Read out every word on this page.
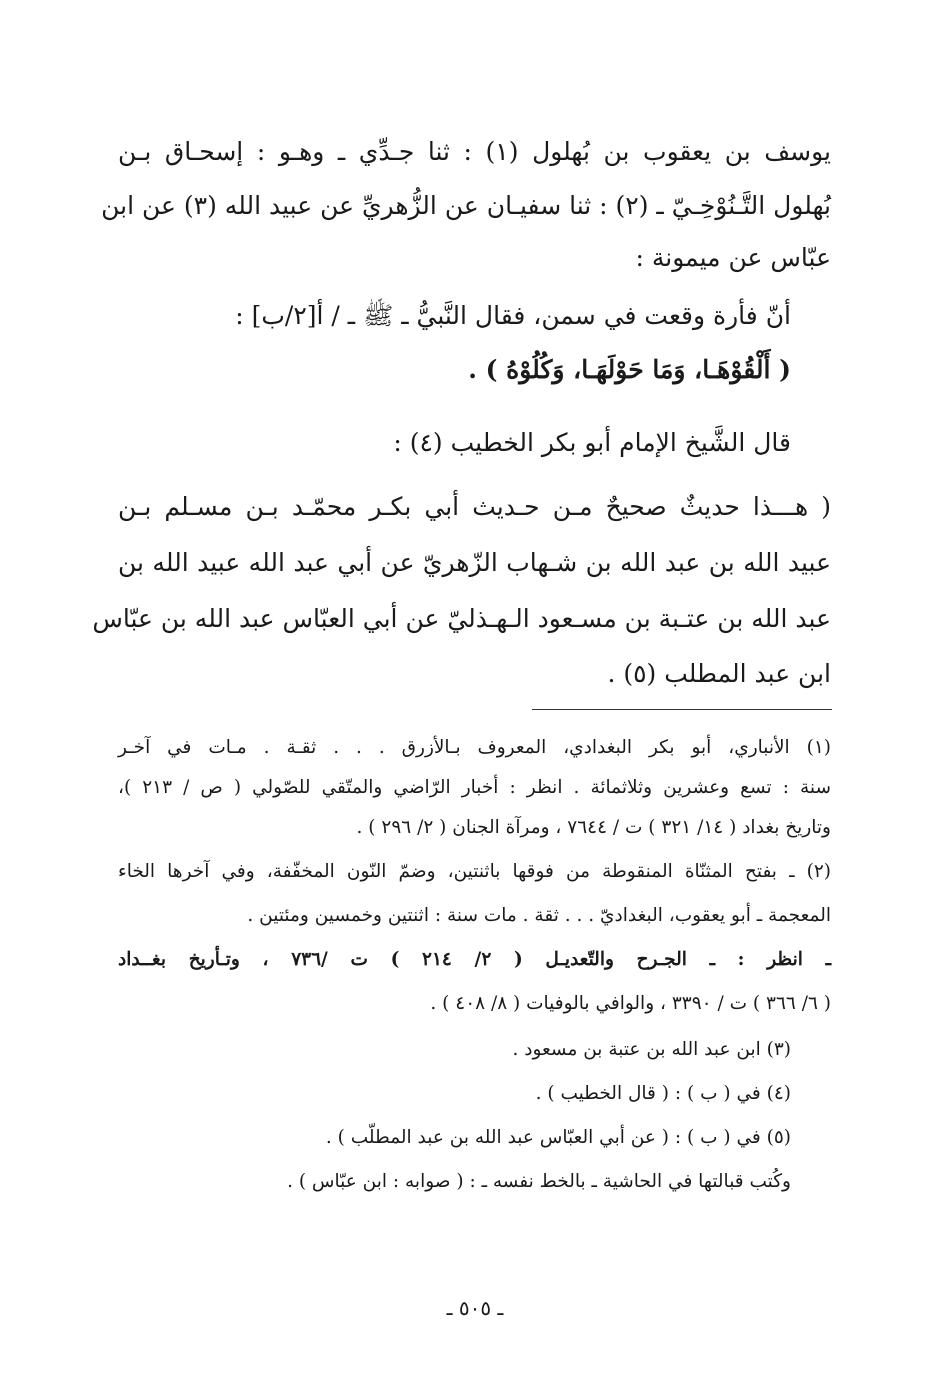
يوسف بن يعقوب بن بُهلول (١) : ثنا جـدِّي ـ وهـو : إسحـاق بـن
بُهلول التَّـنُوْخِـيّ ـ (٢) : ثنا سفيـان عن الزُّهريِّ عن عبيد الله (٣) عن ابن
عبّاس عن ميمونة :
أنّ فأرة وقعت في سمن، فقال النَّبيُّ ـ ﷺ ـ / أ[٢/ب] :
( أَلْقُوْهَـا، وَمَا حَوْلَهَـا، وَكُلُوْهُ ) .
قال الشَّيخ الإمام أبو بكر الخطيب (٤) :
( هـــذا حديثٌ صحيحٌ مـن حـديث أبي بكـر محمّـد بـن مسـلم بـن
عبيد الله بن عبد الله بن شـهاب الزّهريّ عن أبي عبد الله عبيد الله بن
عبد الله بن عتـبة بن مسـعود الـهـذليّ عن أبي العبّاس عبد الله بن عبّاس
ابن عبد المطلب (٥) .
(١) الأنباري، أبو بكر البغدادي، المعروف بـالأزرق . . . ثقـة . مـات في آخـر
سنة : تسع وعشرين وثلاثمائة . انظر : أخبار الرّاضي والمتّقي للصّولي ( ص / ٢١٣ )،
وتاريخ بغداد ( ١٤/ ٣٢١ ) ت / ٧٦٤٤ ، ومرآة الجنان ( ٢/ ٢٩٦ ) .
(٢) ـ بفتح المثنّاة المنقوطة من فوقها باثنتين، وضمّ النّون المخفّفة، وفي آخرها الخاء
المعجمة ـ أبو يعقوب، البغداديّ . . . ثقة . مات سنة : اثنتين وخمسين ومئتين .
ـ انظر : ـ الجـرح والتّعديـل ( ٢/ ٢١٤ ) ت /٧٣٦ ، وتـأريخ بغــداد
( ٦/ ٣٦٦ ) ت / ٣٣٩٠ ، والوافي بالوفيات ( ٨/ ٤٠٨ ) .
(٣) ابن عبد الله بن عتبة بن مسعود .
(٤) في ( ب ) : ( قال الخطيب ) .
(٥) في ( ب ) : ( عن أبي العبّاس عبد الله بن عبد المطلّب ) .
وكُتب قبالتها في الحاشية ـ بالخط نفسه ـ : ( صوابه : ابن عبّاس ) .
ـ ٥٠٥ ـ
